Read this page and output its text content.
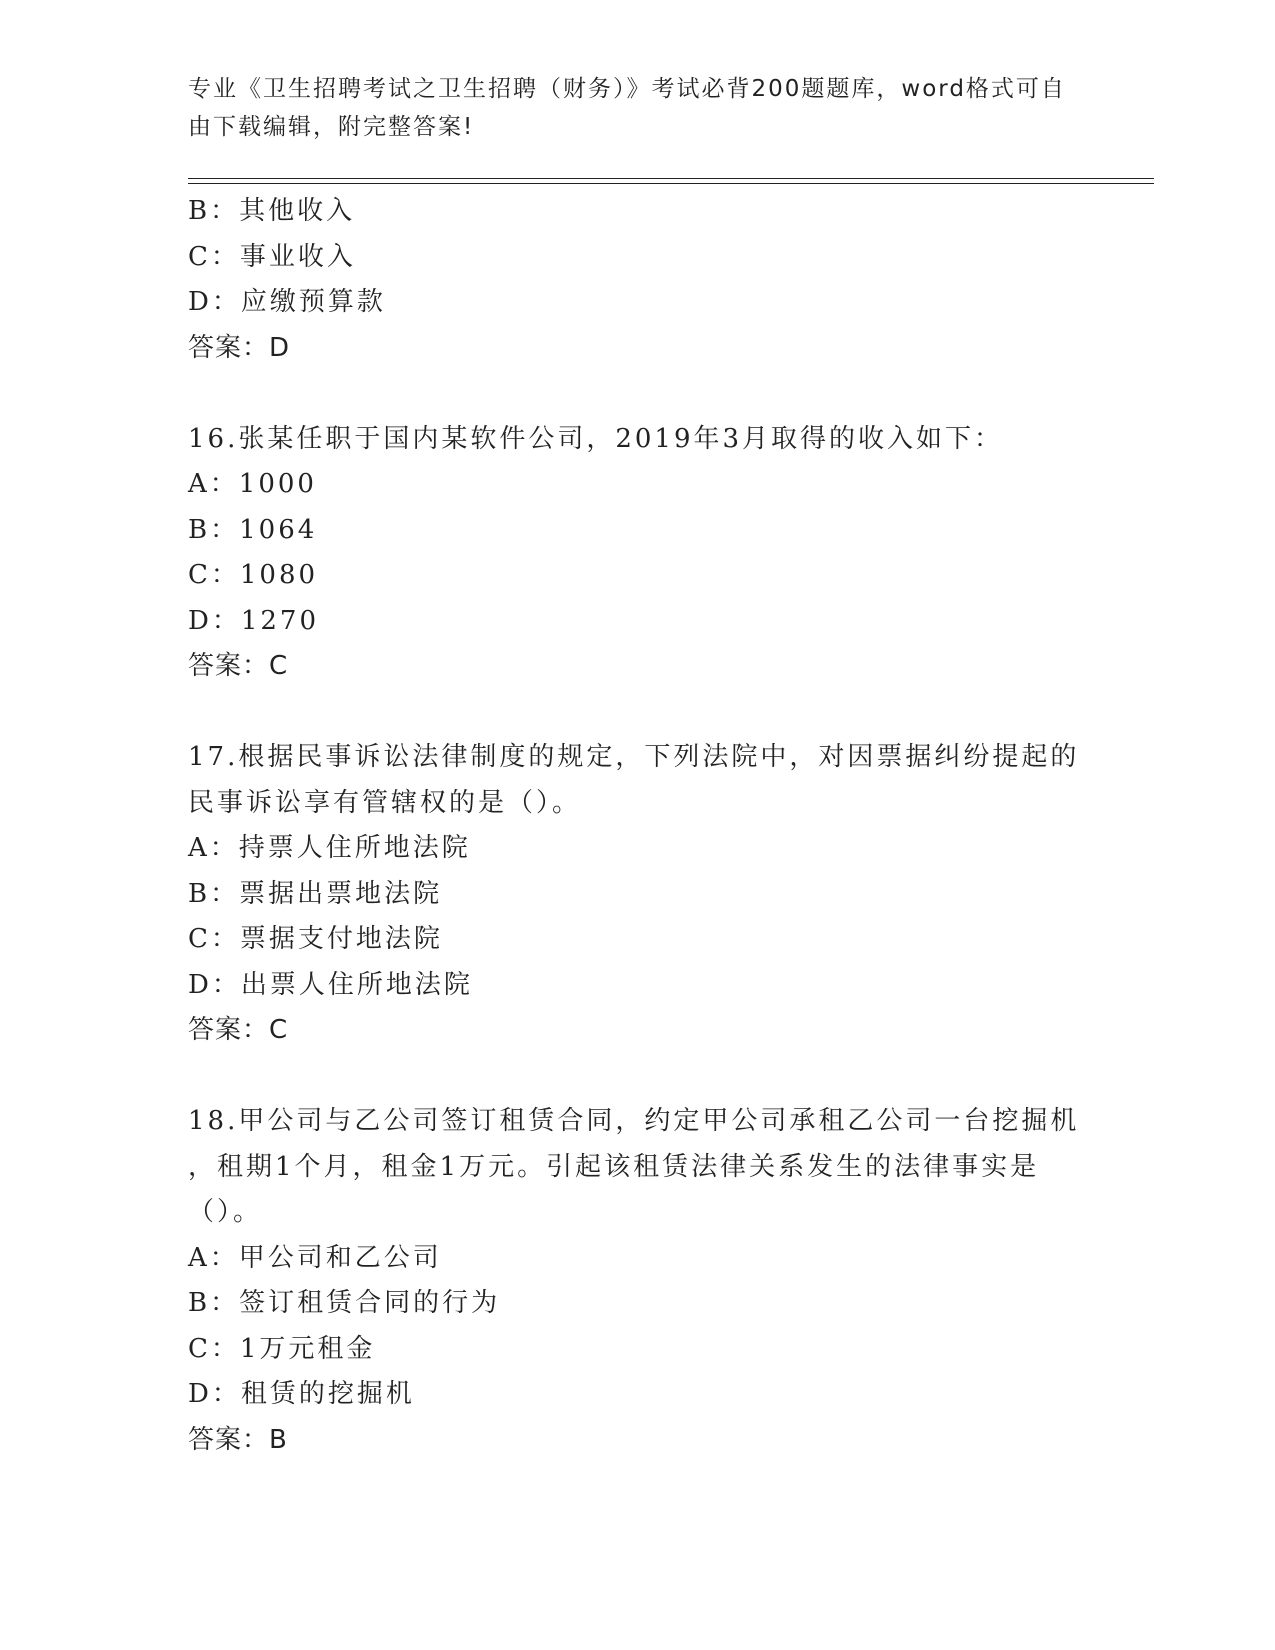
专业《卫生招聘考试之卫生招聘（财务）》考试必背200题题库，word格式可自由下载编辑，附完整答案!
B：其他收入
C：事业收入
D：应缴预算款
答案：D
16.张某任职于国内某软件公司，2019年3月取得的收入如下：
A：1000
B：1064
C：1080
D：1270
答案：C
17.根据民事诉讼法律制度的规定，下列法院中，对因票据纠纷提起的
民事诉讼享有管辖权的是（）。
A：持票人住所地法院
B：票据出票地法院
C：票据支付地法院
D：出票人住所地法院
答案：C
18.甲公司与乙公司签订租赁合同，约定甲公司承租乙公司一台挖掘机
，租期1个月，租金1万元。引起该租赁法律关系发生的法律事实是
（）。
A：甲公司和乙公司
B：签订租赁合同的行为
C：1万元租金
D：租赁的挖掘机
答案：B
